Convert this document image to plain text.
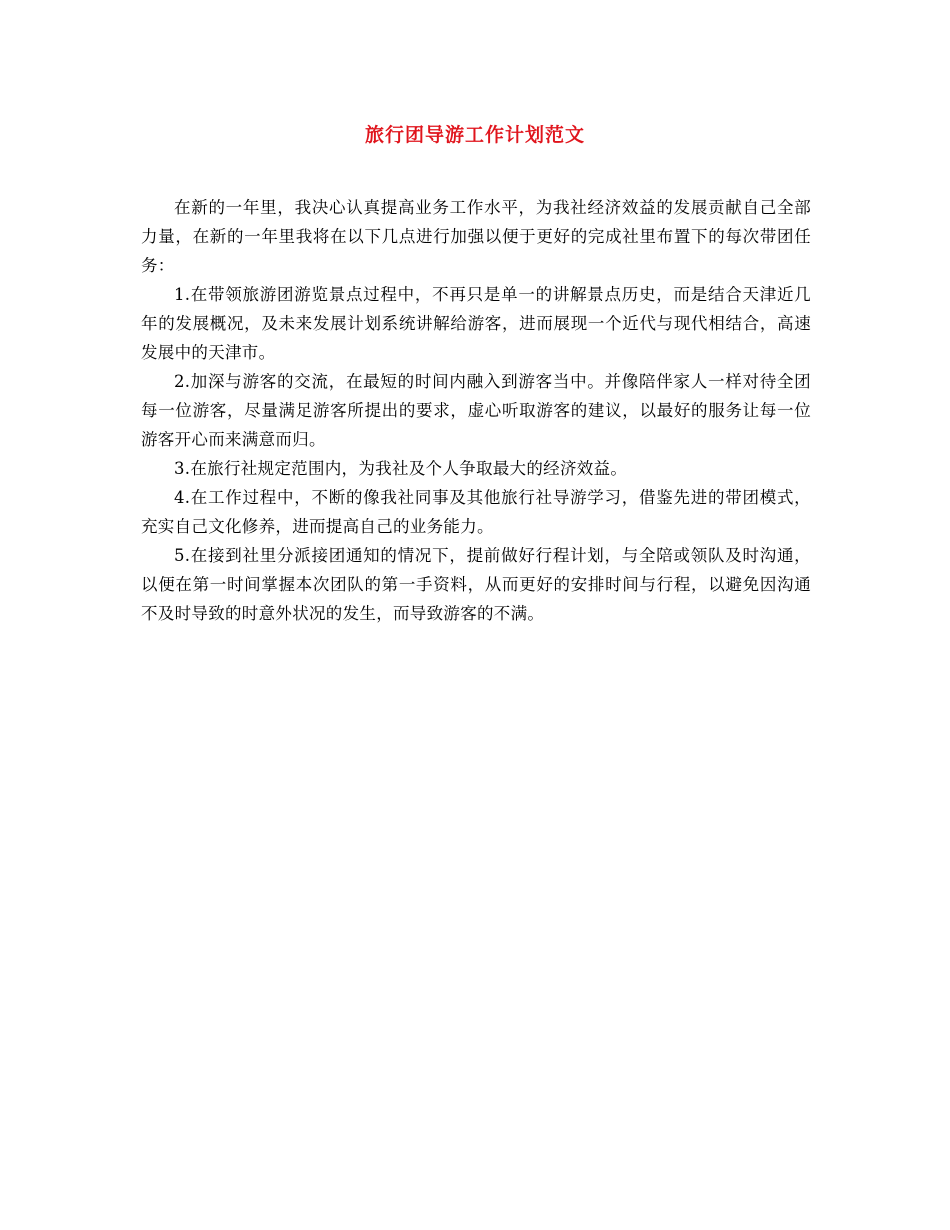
旅行团导游工作计划范文

在新的一年里，我决心认真提高业务工作水平，为我社经济效益的发展贡献自己全部力量，在新的一年里我将在以下几点进行加强以便于更好的完成社里布置下的每次带团任务：

1.在带领旅游团游览景点过程中，不再只是单一的讲解景点历史，而是结合天津近几年的发展概况，及未来发展计划系统讲解给游客，进而展现一个近代与现代相结合，高速发展中的天津市。

2.加深与游客的交流，在最短的时间内融入到游客当中。并像陪伴家人一样对待全团每一位游客，尽量满足游客所提出的要求，虚心听取游客的建议，以最好的服务让每一位游客开心而来满意而归。

3.在旅行社规定范围内，为我社及个人争取最大的经济效益。

4.在工作过程中，不断的像我社同事及其他旅行社导游学习，借鉴先进的带团模式，充实自己文化修养，进而提高自己的业务能力。

5.在接到社里分派接团通知的情况下，提前做好行程计划，与全陪或领队及时沟通，以便在第一时间掌握本次团队的第一手资料，从而更好的安排时间与行程，以避免因沟通不及时导致的时意外状况的发生，而导致游客的不满。
